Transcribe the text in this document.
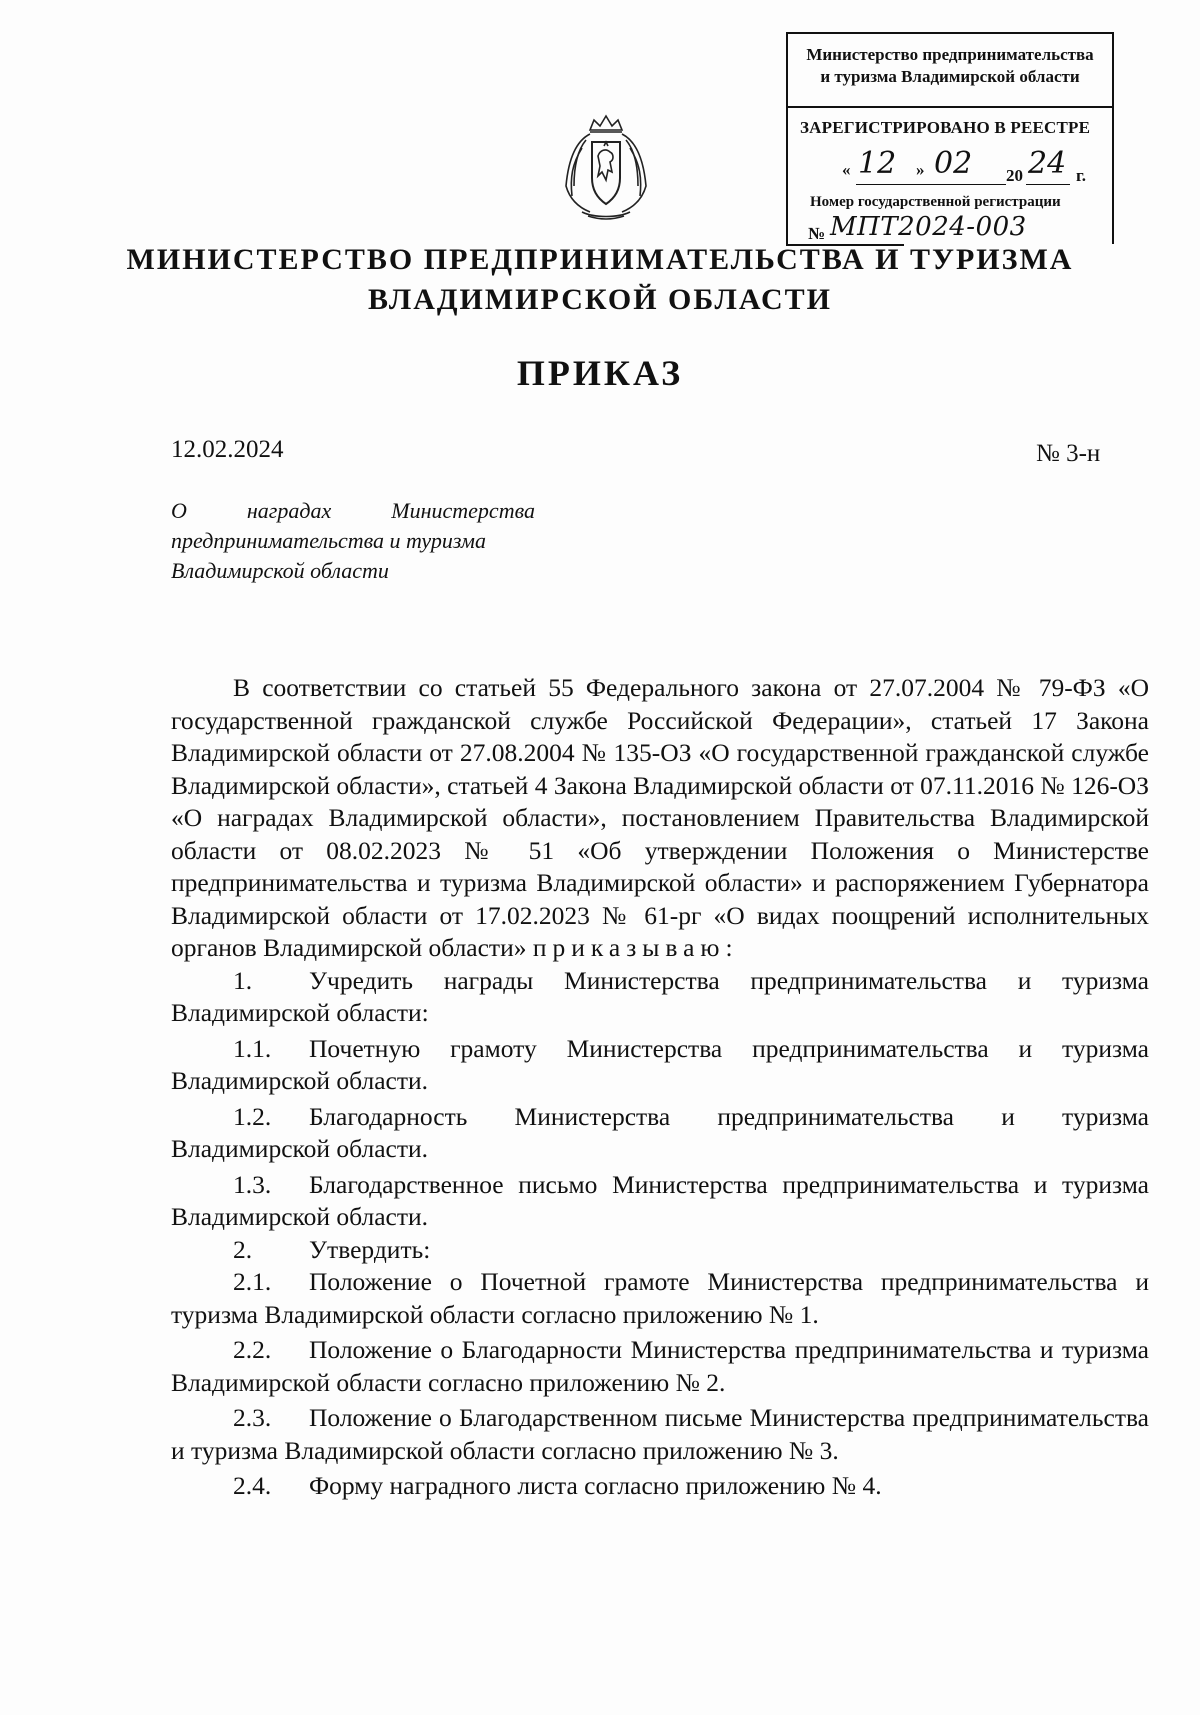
Министерство предпринимательства
и туризма Владимирской области
ЗАРЕГИСТРИРОВАНО В РЕЕСТРЕ
« 12 » 02 20 24 г.
Номер государственной регистрации
№ МПТ2024-003
МИНИСТЕРСТВО ПРЕДПРИНИМАТЕЛЬСТВА И ТУРИЗМА
ВЛАДИМИРСКОЙ ОБЛАСТИ
ПРИКАЗ
12.02.2024	№ 3-н
О наградах Министерства
предпринимательства и туризма
Владимирской области

В соответствии со статьей 55 Федерального закона от 27.07.2004 № 79-ФЗ «О государственной гражданской службе Российской Федерации», статьей 17 Закона Владимирской области от 27.08.2004 № 135-ОЗ «О государственной гражданской службе Владимирской области», статьей 4 Закона Владимирской области от 07.11.2016 № 126-ОЗ «О наградах Владимирской области», постановлением Правительства Владимирской области от 08.02.2023 № 51 «Об утверждении Положения о Министерстве предпринимательства и туризма Владимирской области» и распоряжением Губернатора Владимирской области от 17.02.2023 № 61-рг «О видах поощрений исполнительных органов Владимирской области» приказываю:

1. Учредить награды Министерства предпринимательства и туризма Владимирской области:

1.1. Почетную грамоту Министерства предпринимательства и туризма Владимирской области.

1.2. Благодарность Министерства предпринимательства и туризма Владимирской области.

1.3. Благодарственное письмо Министерства предпринимательства и туризма Владимирской области.

2. Утвердить:

2.1. Положение о Почетной грамоте Министерства предпринимательства и туризма Владимирской области согласно приложению № 1.

2.2. Положение о Благодарности Министерства предпринимательства и туризма Владимирской области согласно приложению № 2.

2.3. Положение о Благодарственном письме Министерства предпринимательства и туризма Владимирской области согласно приложению № 3.

2.4. Форму наградного листа согласно приложению № 4.
